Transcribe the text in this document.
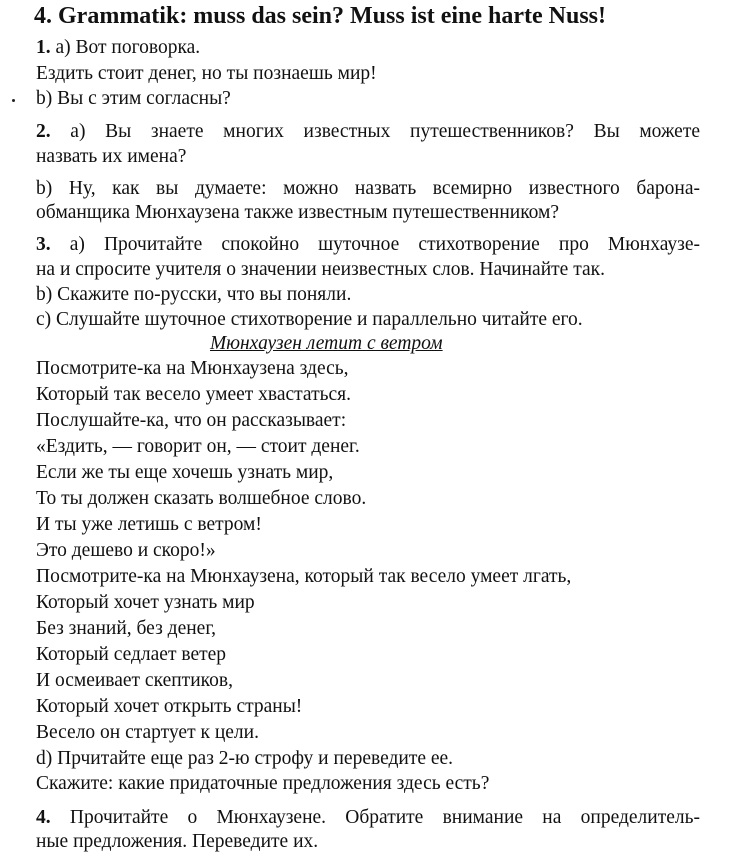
4. Grammatik: muss das sein? Muss ist eine harte Nuss!
1. а) Вот поговорка.
Ездить стоит денег, но ты познаешь мир!
b) Вы с этим согласны?
2. а) Вы знаете многих известных путешественников? Вы можете
назвать их имена?
b) Ну, как вы думаете: можно назвать всемирно известного барона-
обманщика Мюнхаузена также известным путешественником?
3. а) Прочитайте спокойно шуточное стихотворение про Мюнхаузе-
на и спросите учителя о значении неизвестных слов. Начинайте так.
b) Скажите по-русски, что вы поняли.
c) Слушайте шуточное стихотворение и параллельно читайте его.
Мюнхаузен летит с ветром
Посмотрите-ка на Мюнхаузена здесь,
Который так весело умеет хвастаться.
Послушайте-ка, что он рассказывает:
«Ездить, — говорит он, — стоит денег.
Если же ты еще хочешь узнать мир,
То ты должен сказать волшебное слово.
И ты уже летишь с ветром!
Это дешево и скоро!»
Посмотрите-ка на Мюнхаузена, который так весело умеет лгать,
Который хочет узнать мир
Без знаний, без денег,
Который седлает ветер
И осмеивает скептиков,
Который хочет открыть страны!
Весело он стартует к цели.
d) Прчитайте еще раз 2-ю строфу и переведите ее.
Скажите: какие придаточные предложения здесь есть?
4. Прочитайте о Мюнхаузене. Обратите внимание на определитель-
ные предложения. Переведите их.
